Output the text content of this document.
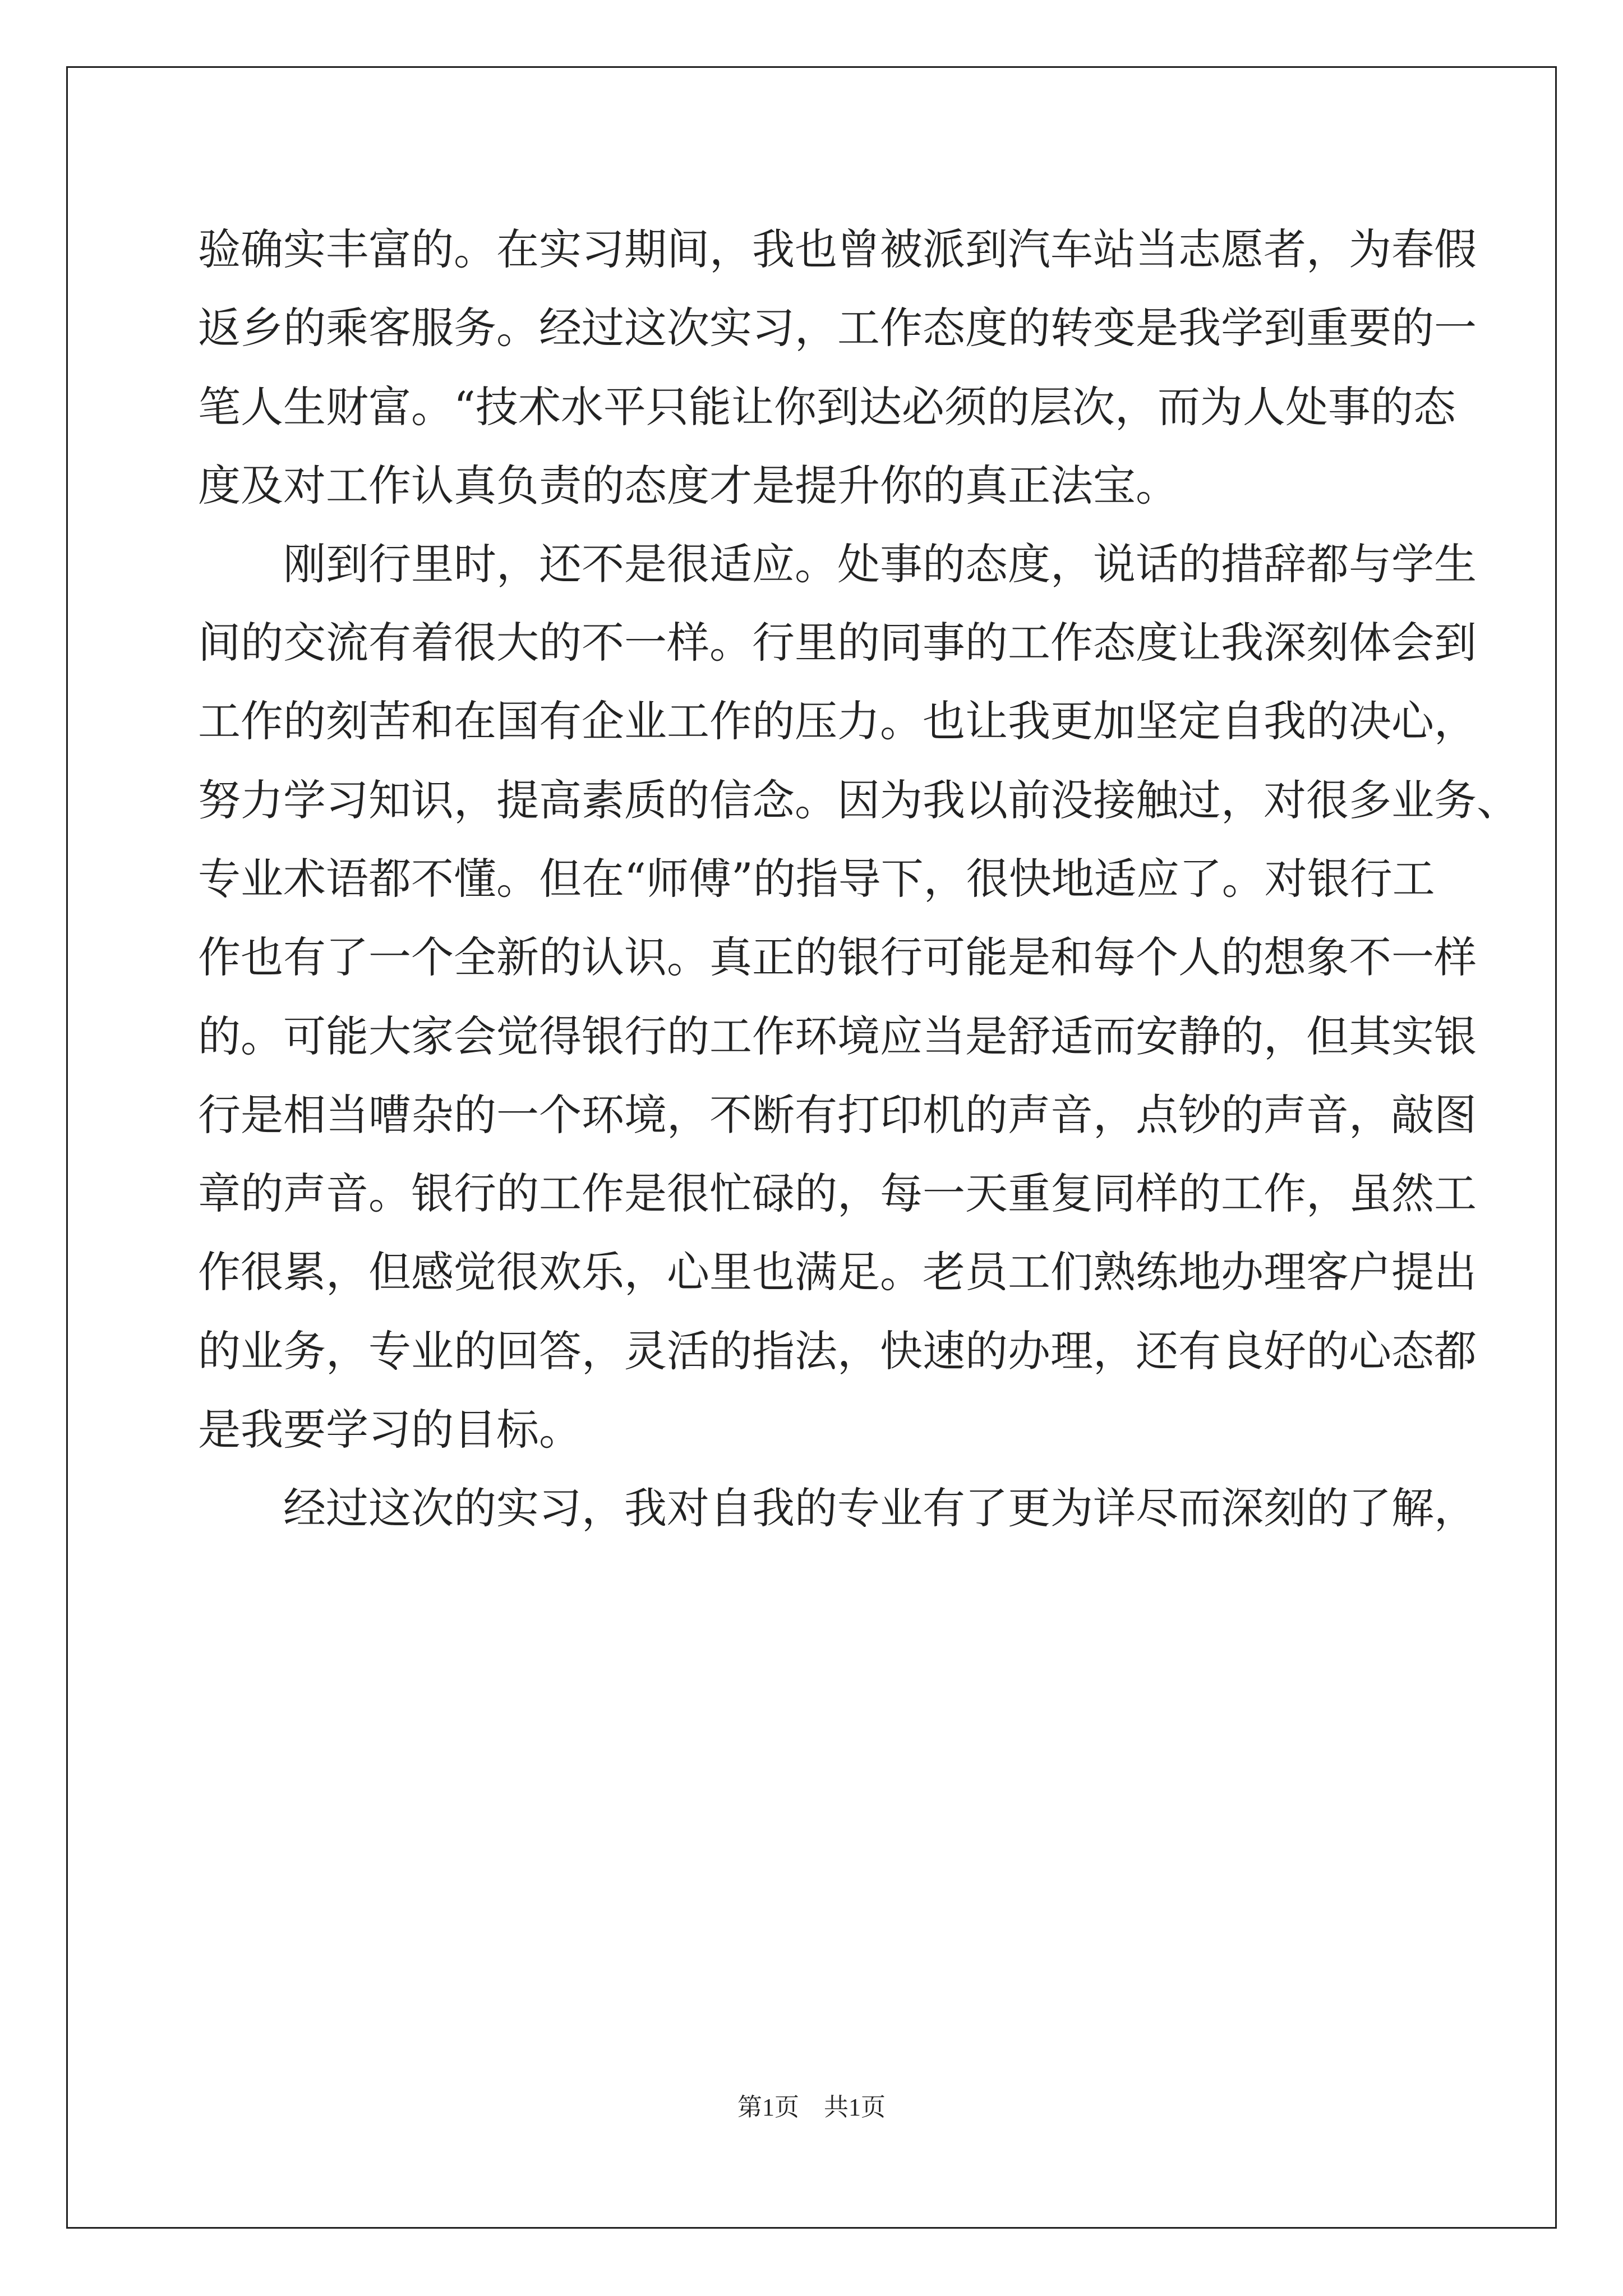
验确实丰富的。在实习期间，我也曾被派到汽车站当志愿者，为春假
返乡的乘客服务。经过这次实习，工作态度的转变是我学到重要的一
笔人生财富。“技术水平只能让你到达必须的层次，而为人处事的态
度及对工作认真负责的态度才是提升你的真正法宝。
刚到行里时，还不是很适应。处事的态度，说话的措辞都与学生
间的交流有着很大的不一样。行里的同事的工作态度让我深刻体会到
工作的刻苦和在国有企业工作的压力。也让我更加坚定自我的决心，
努力学习知识，提高素质的信念。因为我以前没接触过，对很多业务、
专业术语都不懂。但在“师傅”的指导下，很快地适应了。对银行工
作也有了一个全新的认识。真正的银行可能是和每个人的想象不一样
的。可能大家会觉得银行的工作环境应当是舒适而安静的，但其实银
行是相当嘈杂的一个环境，不断有打印机的声音，点钞的声音，敲图
章的声音。银行的工作是很忙碌的，每一天重复同样的工作，虽然工
作很累，但感觉很欢乐，心里也满足。老员工们熟练地办理客户提出
的业务，专业的回答，灵活的指法，快速的办理，还有良好的心态都
是我要学习的目标。
经过这次的实习，我对自我的专业有了更为详尽而深刻的了解，
第1页　共1页
